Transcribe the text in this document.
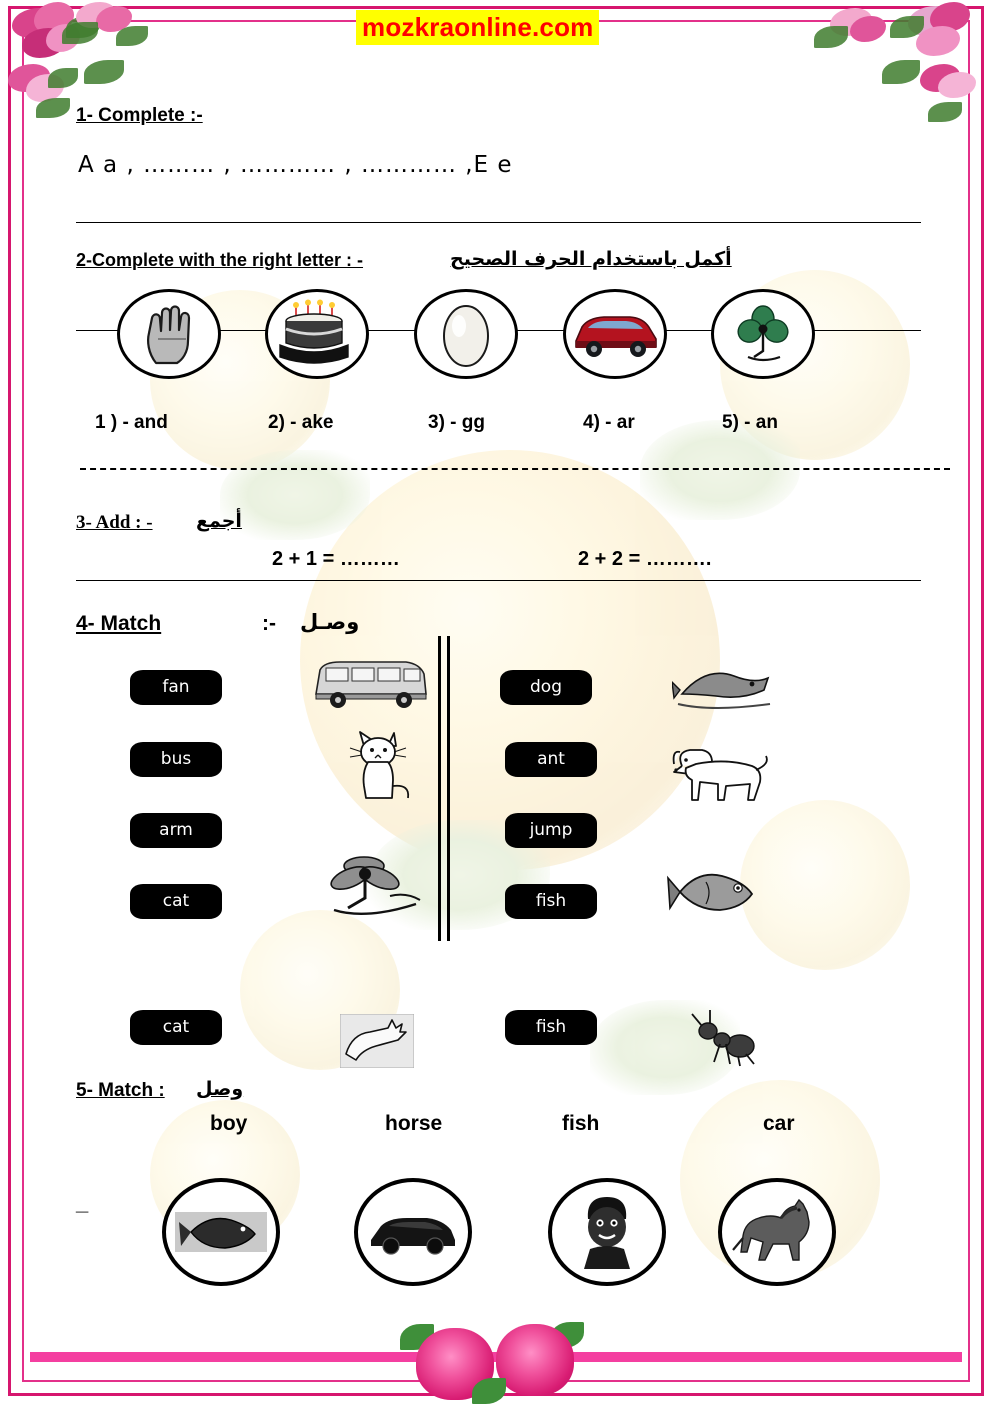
mozkraonline.com
1- Complete :-
A a , ……… , ………… , ………… ,E e
2-Complete with the right letter : -	أكمل باستخدام الحرف الصحيح
1 ) - and	2) - ake	3) - gg	4) - ar	5) - an
3- Add : - أجمع
2 + 1 = ………	2 + 2 = ……….
4- Match	وصـل
:-
fan
bus
arm
cat
dog
ant
jump
fish
cat	fish
5- Match : وصل
boy	horse	fish	car
_
